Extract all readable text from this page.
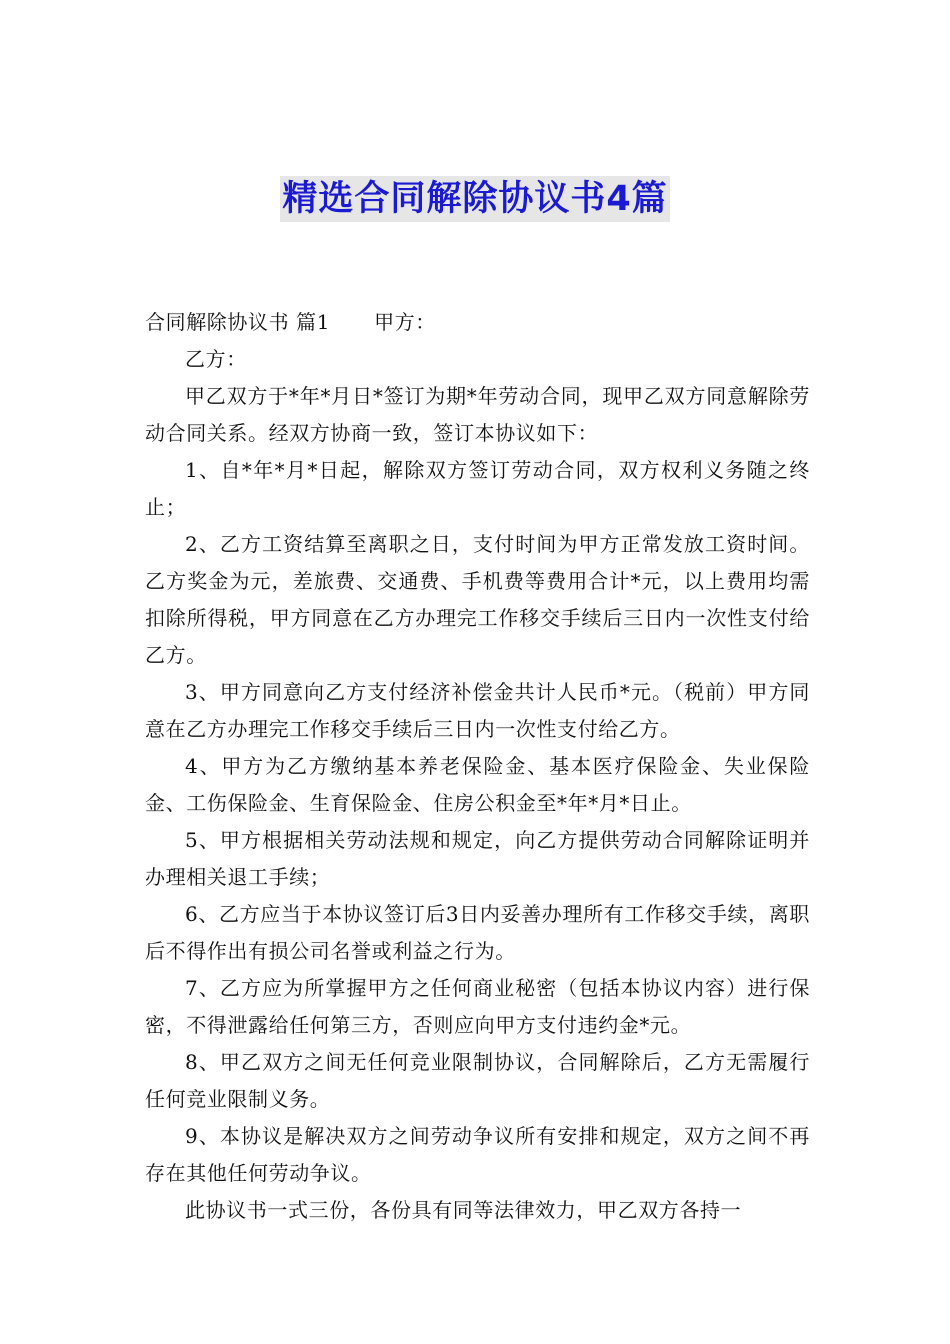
精选合同解除协议书4篇
合同解除协议书 篇1 甲方：

乙方：

甲乙双方于*年*月日*签订为期*年劳动合同，现甲乙双方同意解除劳动合同关系。经双方协商一致，签订本协议如下：

1、自*年*月*日起，解除双方签订劳动合同，双方权利义务随之终止；

2、乙方工资结算至离职之日，支付时间为甲方正常发放工资时间。乙方奖金为元，差旅费、交通费、手机费等费用合计*元，以上费用均需扣除所得税，甲方同意在乙方办理完工作移交手续后三日内一次性支付给乙方。

3、甲方同意向乙方支付经济补偿金共计人民币*元。（税前）甲方同意在乙方办理完工作移交手续后三日内一次性支付给乙方。

4、甲方为乙方缴纳基本养老保险金、基本医疗保险金、失业保险金、工伤保险金、生育保险金、住房公积金至*年*月*日止。

5、甲方根据相关劳动法规和规定，向乙方提供劳动合同解除证明并办理相关退工手续；

6、乙方应当于本协议签订后3日内妥善办理所有工作移交手续，离职后不得作出有损公司名誉或利益之行为。

7、乙方应为所掌握甲方之任何商业秘密（包括本协议内容）进行保密，不得泄露给任何第三方，否则应向甲方支付违约金*元。

8、甲乙双方之间无任何竞业限制协议，合同解除后，乙方无需履行任何竞业限制义务。

9、本协议是解决双方之间劳动争议所有安排和规定，双方之间不再存在其他任何劳动争议。

此协议书一式三份，各份具有同等法律效力，甲乙双方各持一
